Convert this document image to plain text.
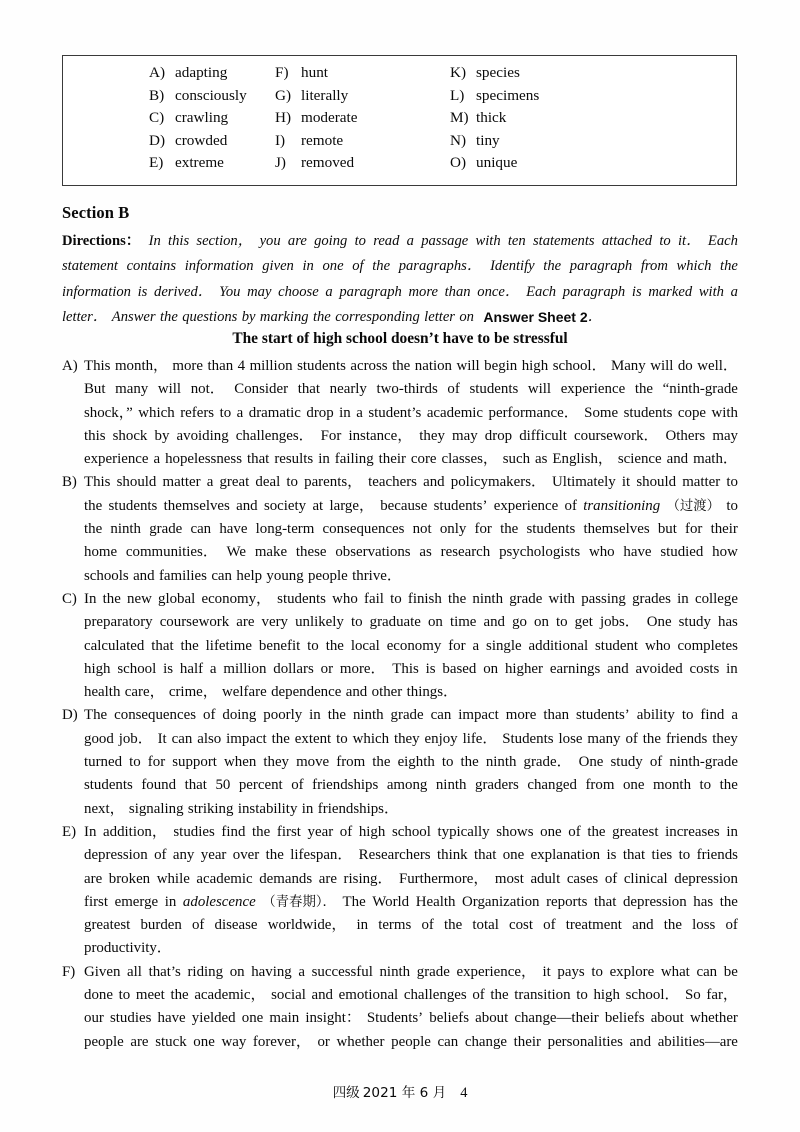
A) adapting	F) hunt	K) species
B) consciously G) literally	L) specimens
C) crawling	H) moderate	M) thick
D) crowded	I)	remote	N) tiny
E) extreme	J) removed	O) unique
Section B
Directions： In this section， you are going to read a passage with ten statements attached to it． Each
statement contains information given in one of the paragraphs． Identify the paragraph from which the
information is derived． You may choose a paragraph more than once． Each paragraph is marked with a
letter． Answer the questions by marking the corresponding letter on Answer Sheet 2 ．
The start of high school doesn’t have to be stressful
A) This month， more than 4 million students across the nation will begin high school． Many will do well．
But many will not． Consider that nearly two-thirds of students will experience the “ninth-grade
shock，” which refers to a dramatic drop in a student’s academic performance． Some students cope with
this shock by avoiding challenges． For instance， they may drop difficult coursework． Others may
experience a hopelessness that results in failing their core classes， such as English， science and math．
B) This should matter a great deal to parents， teachers and policymakers． Ultimately it should matter to
the students themselves and society at large， because students’ experience of transitioning （过渡） to
the ninth grade can have long-term consequences not only for the students themselves but for their
home communities． We make these observations as research psychologists who have studied how
schools and families can help young people thrive．
C) In the new global economy， students who fail to finish the ninth grade with passing grades in college
preparatory coursework are very unlikely to graduate on time and go on to get jobs． One study has
calculated that the lifetime benefit to the local economy for a single additional student who completes
high school is half a million dollars or more． This is based on higher earnings and avoided costs in
health care， crime， welfare dependence and other things．
D) The consequences of doing poorly in the ninth grade can impact more than students’ ability to find a
good job． It can also impact the extent to which they enjoy life． Students lose many of the friends they
turned to for support when they move from the eighth to the ninth grade． One study of ninth-grade
students found that 50 percent of friendships among ninth graders changed from one month to the
next， signaling striking instability in friendships．
E) In addition， studies find the first year of high school typically shows one of the greatest increases in
depression of any year over the lifespan． Researchers think that one explanation is that ties to friends
are broken while academic demands are rising． Furthermore， most adult cases of clinical depression
first emerge in adolescence （青春期）． The World Health Organization reports that depression has the
greatest burden of disease worldwide， in terms of the total cost of treatment and the loss of
productivity．
F) Given all that’s riding on having a successful ninth grade experience， it pays to explore what can be
done to meet the academic， social and emotional challenges of the transition to high school． So far，
our studies have yielded one main insight： Students’ beliefs about change—their beliefs about whether
people are stuck one way forever， or whether people can change their personalities and abilities—are
四级 2021 年 6 月 4
